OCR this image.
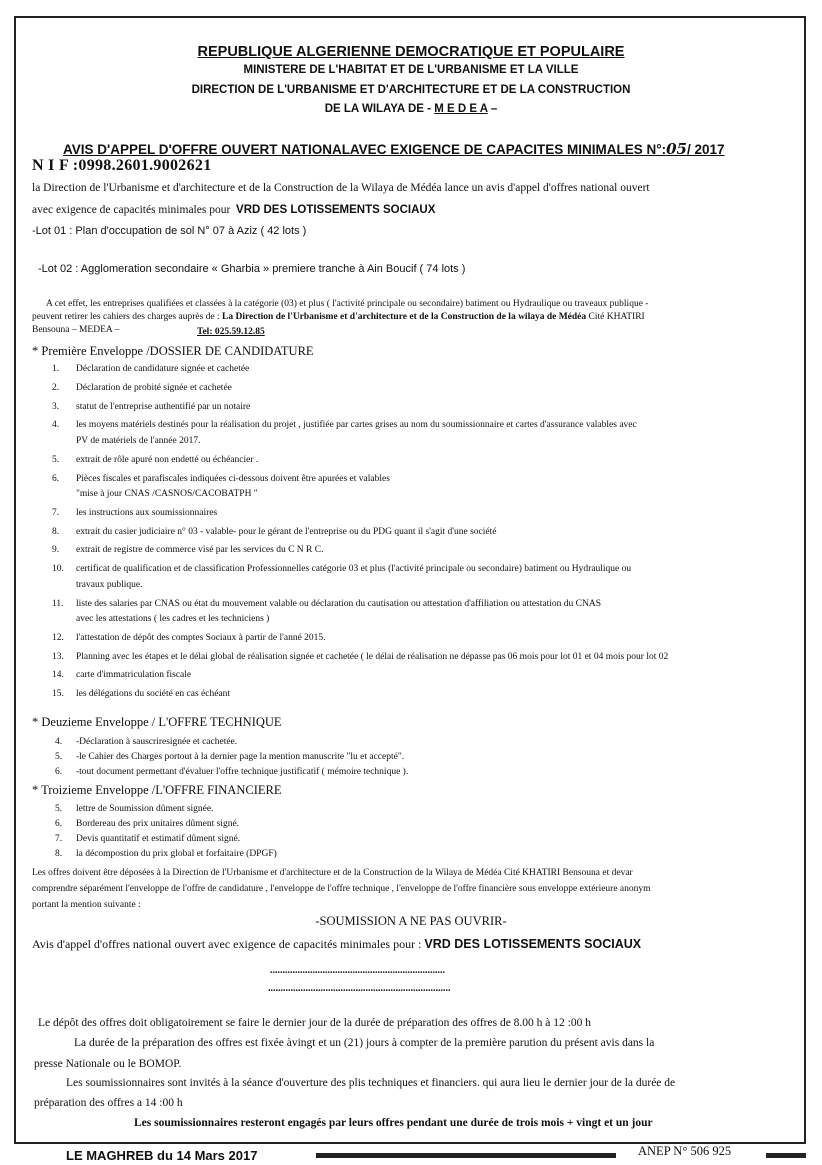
REPUBLIQUE ALGERIENNE DEMOCRATIQUE ET POPULAIRE
MINISTERE DE L'HABITAT ET DE L'URBANISME ET LA VILLE
DIRECTION DE L'URBANISME ET D'ARCHITECTURE ET DE LA CONSTRUCTION
DE LA WILAYA DE - M E D E A –
AVIS D'APPEL D'OFFRE OUVERT NATIONALAVEC EXIGENCE DE CAPACITES MINIMALES N°:05/ 2017
N I F :0998.2601.9002621
la Direction de l'Urbanisme et d'architecture et de la Construction de la Wilaya de Médéa lance un avis d'appel d'offres national ouvert
avec exigence de capacités minimales pour VRD DES LOTISSEMENTS SOCIAUX
-Lot 01 : Plan d'occupation de sol N° 07 à Aziz ( 42 lots )
-Lot 02 : Agglomeration secondaire « Gharbia » premiere tranche à Ain Boucif ( 74 lots )
A cet effet, les entreprises qualifiées et classées à la catégorie (03) et plus ( l'activité principale ou secondaire) batiment ou Hydraulique ou traveaux publique -
peuvent retirer les cahiers des charges auprès de : La Direction de l'Urbanisme et d'architecture et de la Construction de la wilaya de Médéa Cité KHATIRI
Bensouna – MEDEA –	Tel: 025.59.12.85
* Première Enveloppe /DOSSIER DE CANDIDATURE
1. Déclaration de candidature signée et cachetée
2. Déclaration de probité signée et cachetée
3. statut de l'entreprise authentifié par un notaire
4. les moyens matériels destinés pour la réalisation du projet , justifiée par cartes grises au nom du soumissionnaire et cartes d'assurance valables avec
PV de matériels de l'année 2017.
5. extrait de rôle apuré non endetté ou échéancier .
6. Pièces fiscales et parafiscales indiquées ci-dessous doivent être apurées et valables
"mise à jour CNAS /CASNOS/CACOBATPH "
7. les instructions aux soumissionnaires
8. extrait du casier judiciaire n° 03 - valable- pour le gérant de l'entreprise ou du PDG quant il s'agit d'une société
9. extrait de registre de commerce visé par les services du C N R C.
10. certificat de qualification et de classification Professionnelles catégorie 03 et plus (l'activité principale ou secondaire) batiment ou Hydraulique ou
travaux publique.
11. liste des salaries par CNAS ou état du mouvement valable ou déclaration du cautisation ou attestation d'affiliation ou attestation du CNAS
avec les attestations ( les cadres et les techniciens )
12. l'attestation de dépôt des comptes Sociaux à partir de l'anné 2015.
13. Planning avec les étapes et le délai global de réalisation signée et cachetée ( le délai de réalisation ne dépasse pas 06 mois pour lot 01 et 04 mois pour lot 02
14. carte d'immatriculation fiscale
15. les délégations du société en cas échéant
* Deuzieme Enveloppe / L'OFFRE TECHNIQUE
4. -Déclaration à sauscriresignée et cachetée.
5. -le Cahier des Charges portout à la dernier page la mention manuscrite "lu et accepté".
6. -tout document permettant d'évaluer l'offre technique justificatif ( mémoire technique ).
* Troizieme Enveloppe /L'OFFRE FINANCIERE
5. lettre de Soumission dûment signée.
6. Bordereau des prix unitaires dûment signé.
7. Devis quantitatif et estimatif dûment signé.
8. la décompostion du prix global et forfaitaire (DPGF)
Les offres doivent être déposées à la Direction de l'Urbanisme et d'architecture et de la Construction de la Wilaya de Médéa Cité KHATIRI Bensouna et devar
comprendre séparément l'enveloppe de l'offre de candidature , l'enveloppe de l'offre technique , l'enveloppe de l'offre financière sous enveloppe extérieure anonym
portant la mention suivante :
-SOUMISSION A NE PAS OUVRIR-
Avis d'appel d'offres national ouvert avec exigence de capacités minimales pour : VRD DES LOTISSEMENTS SOCIAUX
......................................................................
.........................................................................
Le dépôt des offres doit obligatoirement se faire le dernier jour de la durée de préparation des offres de 8.00 h à 12 :00 h
La durée de la préparation des offres est fixée àvingt et un (21) jours à compter de la première parution du présent avis dans la
presse Nationale ou le BOMOP.
Les soumissionnaires sont invités à la séance d'ouverture des plis techniques et financiers. qui aura lieu le dernier jour de la durée de
préparation des offres a 14 :00 h
Les soumissionnaires resteront engagés par leurs offres pendant une durée de trois mois + vingt et un jour
LE MAGHREB du 14 Mars 2017	ANEP N° 506 925
